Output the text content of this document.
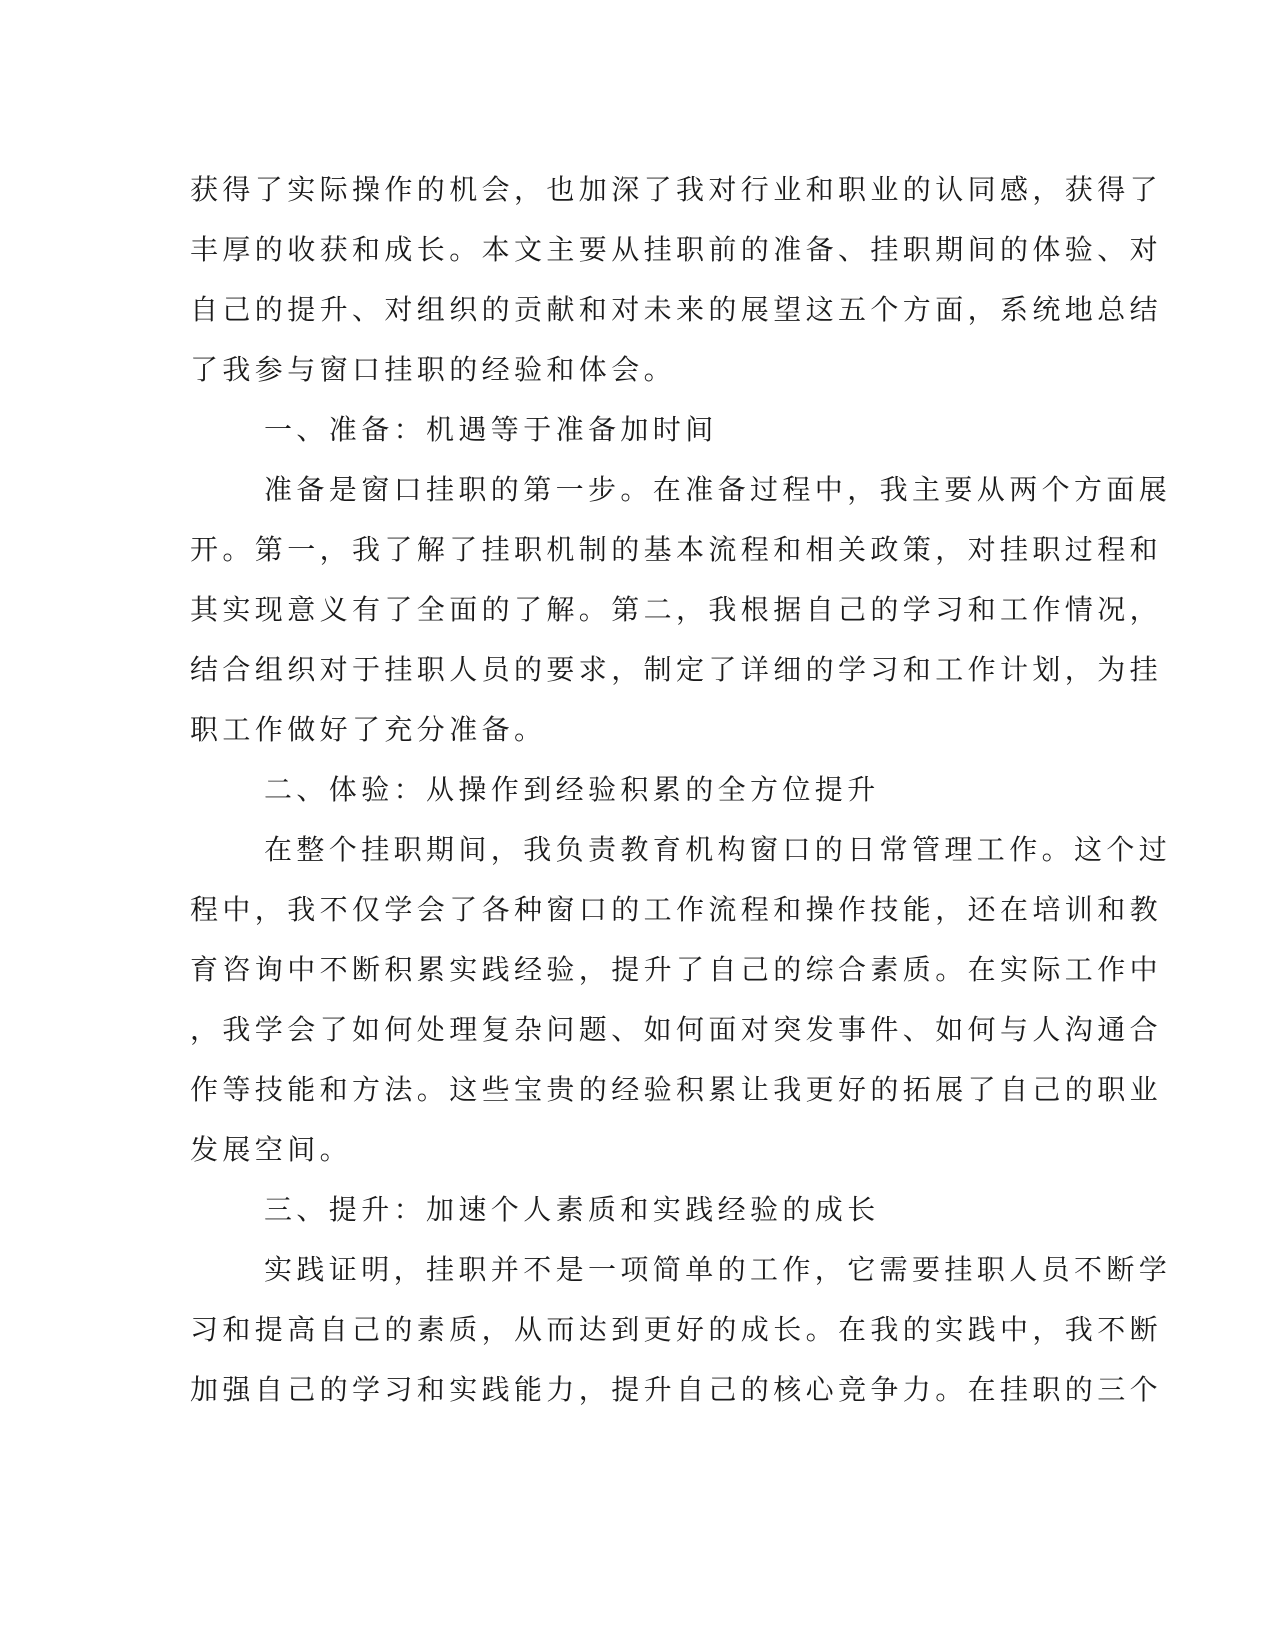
获得了实际操作的机会，也加深了我对行业和职业的认同感，获得了
丰厚的收获和成长。本文主要从挂职前的准备、挂职期间的体验、对
自己的提升、对组织的贡献和对未来的展望这五个方面，系统地总结
了我参与窗口挂职的经验和体会。
一、准备：机遇等于准备加时间
准备是窗口挂职的第一步。在准备过程中，我主要从两个方面展
开。第一，我了解了挂职机制的基本流程和相关政策，对挂职过程和
其实现意义有了全面的了解。第二，我根据自己的学习和工作情况，
结合组织对于挂职人员的要求，制定了详细的学习和工作计划，为挂
职工作做好了充分准备。
二、体验：从操作到经验积累的全方位提升
在整个挂职期间，我负责教育机构窗口的日常管理工作。这个过
程中，我不仅学会了各种窗口的工作流程和操作技能，还在培训和教
育咨询中不断积累实践经验，提升了自己的综合素质。在实际工作中
，我学会了如何处理复杂问题、如何面对突发事件、如何与人沟通合
作等技能和方法。这些宝贵的经验积累让我更好的拓展了自己的职业
发展空间。
三、提升：加速个人素质和实践经验的成长
实践证明，挂职并不是一项简单的工作，它需要挂职人员不断学
习和提高自己的素质，从而达到更好的成长。在我的实践中，我不断
加强自己的学习和实践能力，提升自己的核心竞争力。在挂职的三个
